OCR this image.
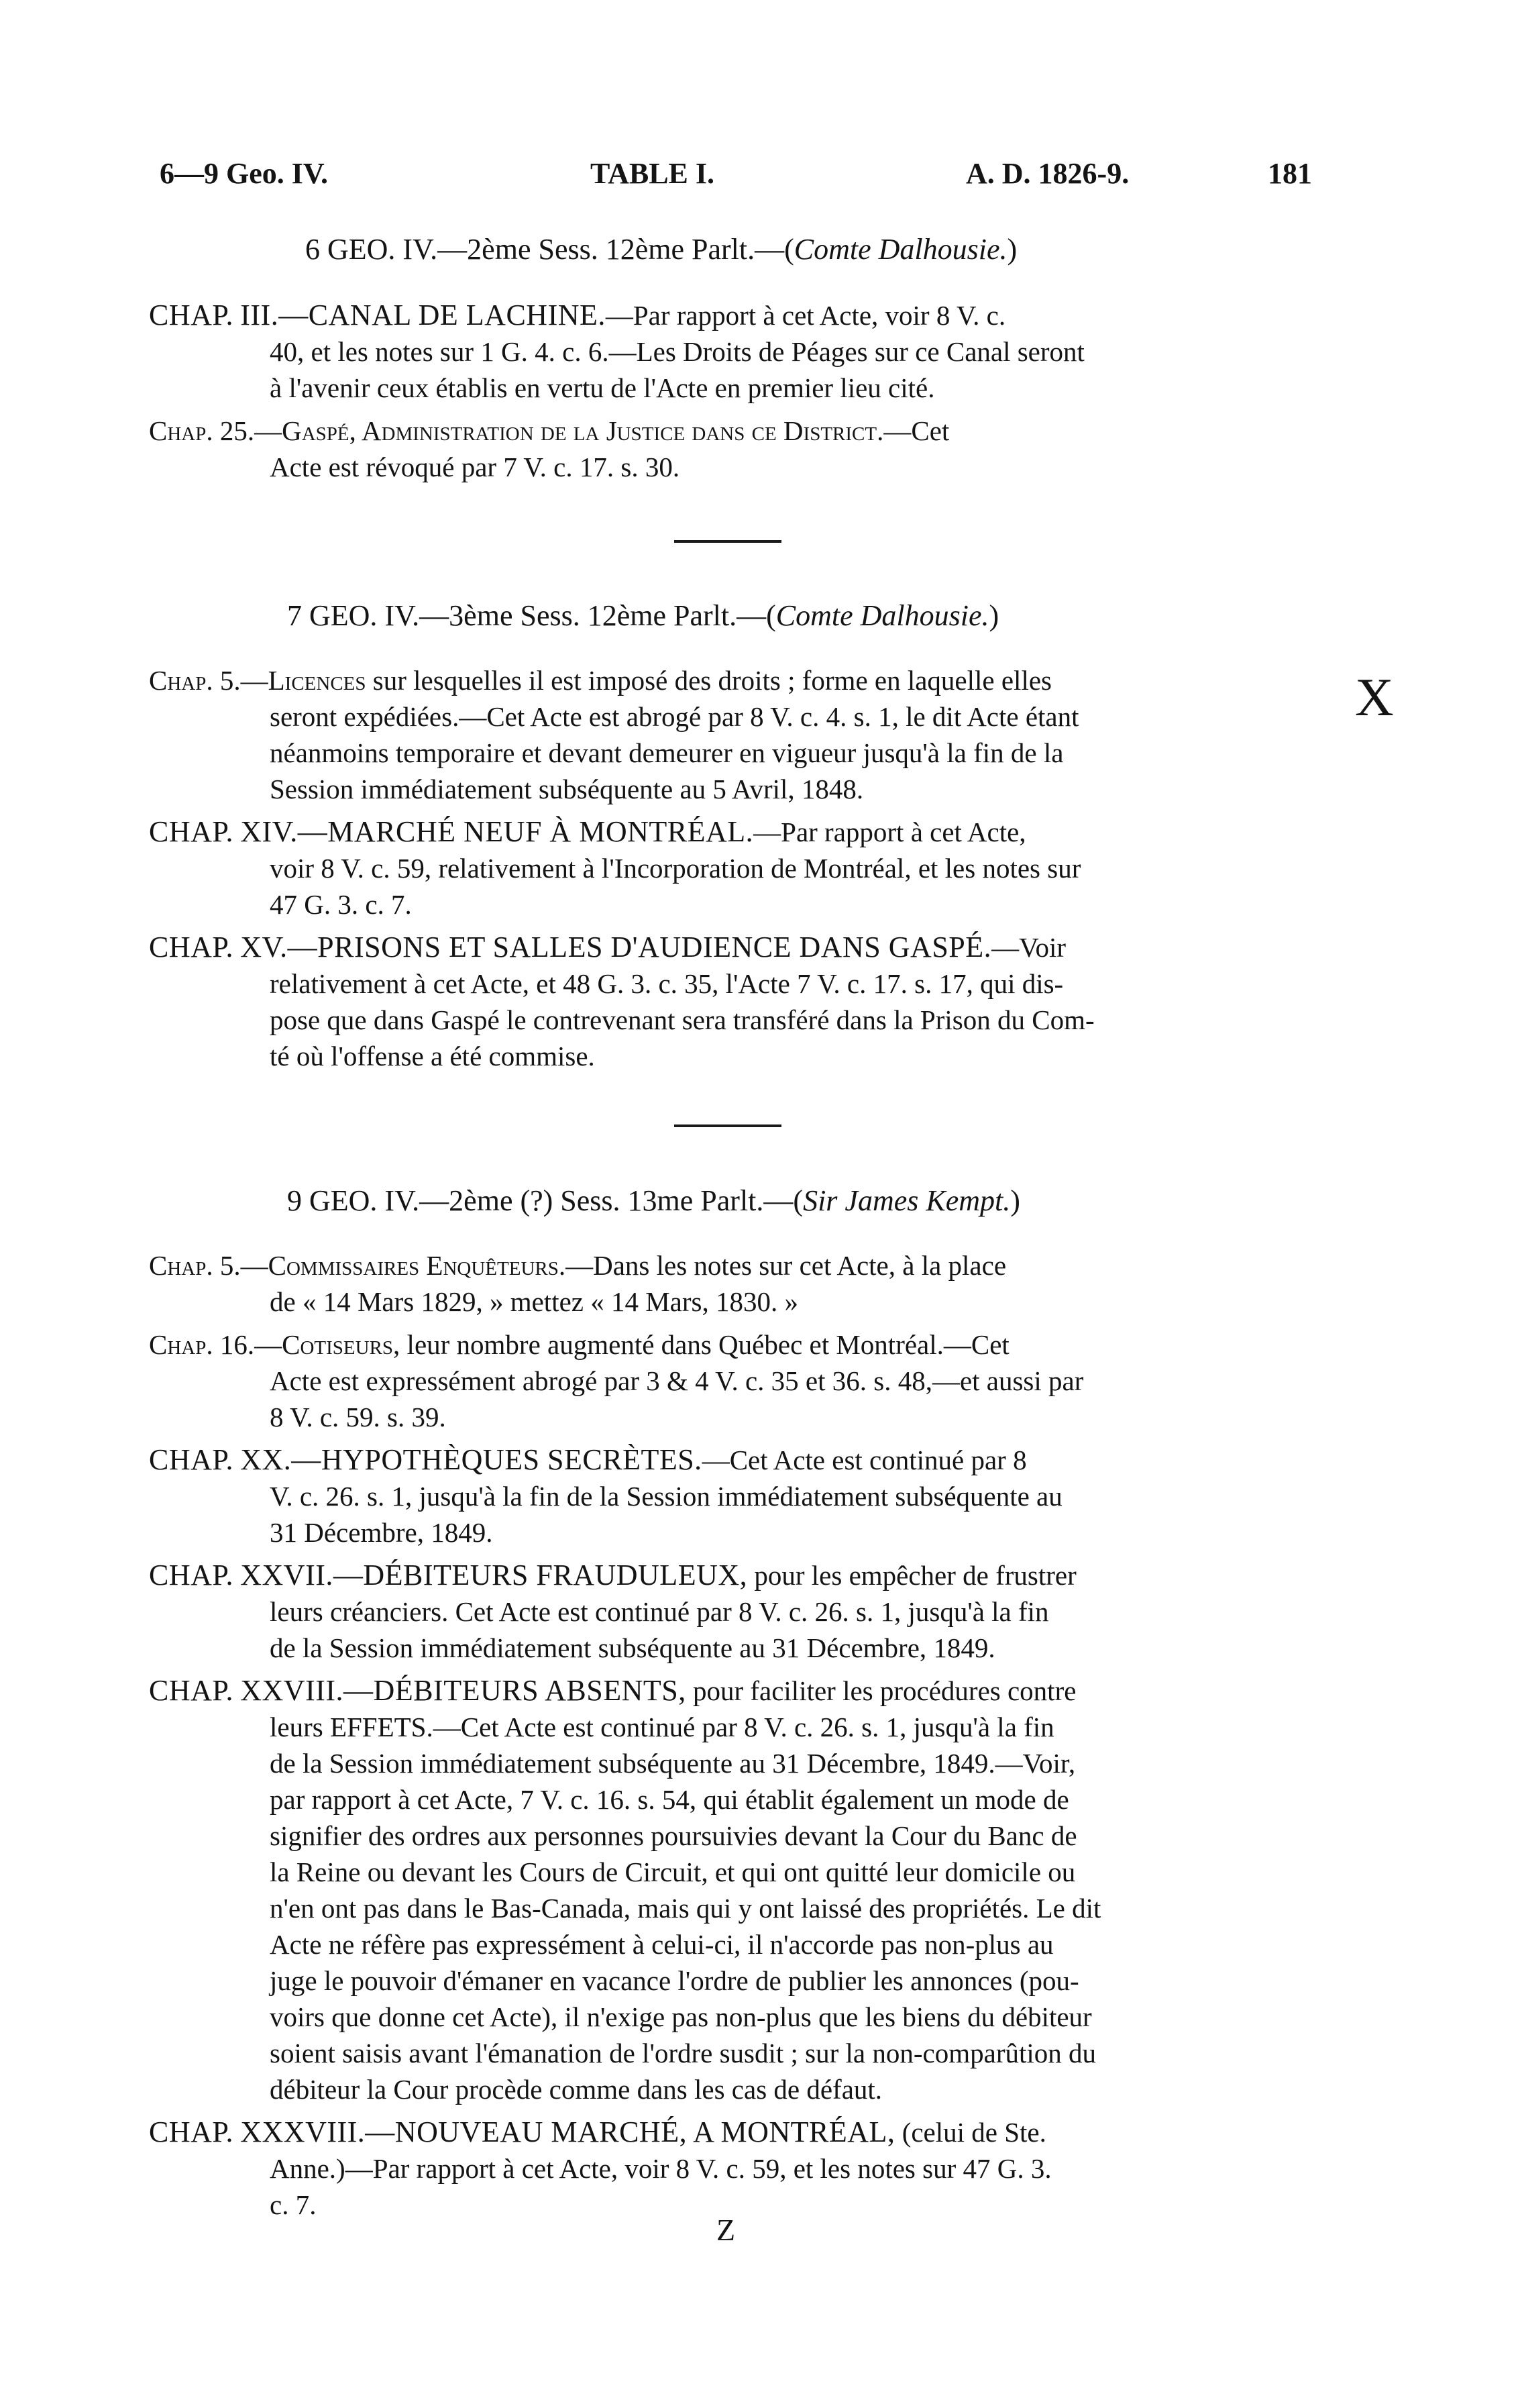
6—9 Geo. IV.	TABLE I.	A. D. 1826-9.	181
6 GEO. IV.—2ème Sess. 12ème Parlt.—(Comte Dalhousie.)
CHAP. III.—CANAL DE LACHINE.—Par rapport à cet Acte, voir 8 V. c.
40, et les notes sur 1 G. 4. c. 6.—Les Droits de Péages sur ce Canal seront
à l'avenir ceux établis en vertu de l'Acte en premier lieu cité.
Chap. 25.—Gaspé, Administration de la Justice dans ce District.—Cet
Acte est révoqué par 7 V. c. 17. s. 30.
7 GEO. IV.—3ème Sess. 12ème Parlt.—(Comte Dalhousie.)
Chap. 5.—Licences sur lesquelles il est imposé des droits ; forme en laquelle elles
seront expédiées.—Cet Acte est abrogé par 8 V. c. 4. s. 1, le dit Acte étant
néanmoins temporaire et devant demeurer en vigueur jusqu'à la fin de la
Session immédiatement subséquente au 5 Avril, 1848.
CHAP. XIV.—MARCHÉ NEUF À MONTRÉAL.—Par rapport à cet Acte,
voir 8 V. c. 59, relativement à l'Incorporation de Montréal, et les notes sur
47 G. 3. c. 7.
CHAP. XV.—PRISONS ET SALLES D'AUDIENCE DANS GASPÉ.—Voir
relativement à cet Acte, et 48 G. 3. c. 35, l'Acte 7 V. c. 17. s. 17, qui dis-
pose que dans Gaspé le contrevenant sera transféré dans la Prison du Com-
té où l'offense a été commise.
9 GEO. IV.—2ème (?) Sess. 13me Parlt.—(Sir James Kempt.)
Chap. 5.—Commissaires Enquêteurs.—Dans les notes sur cet Acte, à la place
de « 14 Mars 1829, » mettez « 14 Mars, 1830. »
Chap. 16.—Cotiseurs, leur nombre augmenté dans Québec et Montréal.—Cet
Acte est expressément abrogé par 3 & 4 V. c. 35 et 36. s. 48,—et aussi par
8 V. c. 59. s. 39.
CHAP. XX.—HYPOTHÈQUES SECRÈTES.—Cet Acte est continué par 8
V. c. 26. s. 1, jusqu'à la fin de la Session immédiatement subséquente au
31 Décembre, 1849.
CHAP. XXVII.—DÉBITEURS FRAUDULEUX, pour les empêcher de frustrer
leurs créanciers. Cet Acte est continué par 8 V. c. 26. s. 1, jusqu'à la fin
de la Session immédiatement subséquente au 31 Décembre, 1849.
CHAP. XXVIII.—DÉBITEURS ABSENTS, pour faciliter les procédures contre
leurs EFFETS.—Cet Acte est continué par 8 V. c. 26. s. 1, jusqu'à la fin
de la Session immédiatement subséquente au 31 Décembre, 1849.—Voir,
par rapport à cet Acte, 7 V. c. 16. s. 54, qui établit également un mode de
signifier des ordres aux personnes poursuivies devant la Cour du Banc de
la Reine ou devant les Cours de Circuit, et qui ont quitté leur domicile ou
n'en ont pas dans le Bas-Canada, mais qui y ont laissé des propriétés. Le dit
Acte ne réfère pas expressément à celui-ci, il n'accorde pas non-plus au
juge le pouvoir d'émaner en vacance l'ordre de publier les annonces (pou-
voirs que donne cet Acte), il n'exige pas non-plus que les biens du débiteur
soient saisis avant l'émanation de l'ordre susdit ; sur la non-comparûtion du
débiteur la Cour procède comme dans les cas de défaut.
CHAP. XXXVIII.—NOUVEAU MARCHÉ, A MONTRÉAL, (celui de Ste.
Anne.)—Par rapport à cet Acte, voir 8 V. c. 59, et les notes sur 47 G. 3.
c. 7.
Z
X
